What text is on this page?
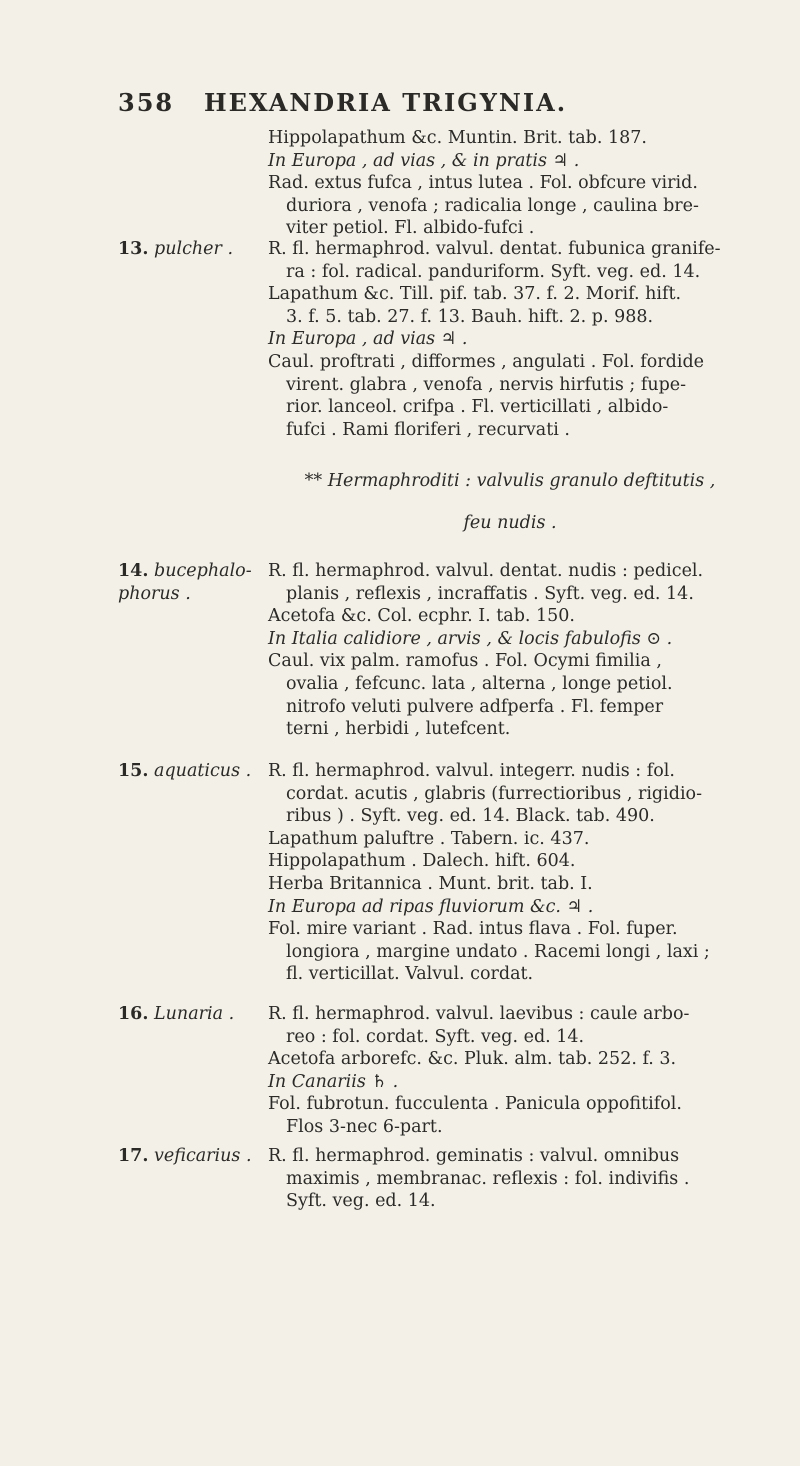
358 HEXANDRIA TRIGYNIA.
Hippolapathum &c. Muntin. Brit. tab. 187.
In Europa , ad vias , & in pratis ♃ .
Rad. extus fufca , intus lutea . Fol. obfcure virid.
duriora , venofa ; radicalia longe , caulina bre-
viter petiol. Fl. albido-fufci .
13. pulcher .	R. fl. hermaphrod. valvul. dentat. fubunica granife-
ra : fol. radical. panduriform. Syft. veg. ed. 14.
Lapathum &c. Till. pif. tab. 37. f. 2. Morif. hift.
3. f. 5. tab. 27. f. 13. Bauh. hift. 2. p. 988.
In Europa , ad vias ♃ .
Caul. proftrati , difformes , angulati . Fol. fordide
virent. glabra , venofa , nervis hirfutis ; fupe-
rior. lanceol. crifpa . Fl. verticillati , albido-
fufci . Rami floriferi , recurvati .
** Hermaphroditi : valvulis granulo deftitutis ,
feu nudis .
14. bucephalo-phorus .
R. fl. hermaphrod. valvul. dentat. nudis : pedicel.
planis , reflexis , incraffatis . Syft. veg. ed. 14.
Acetofa &c. Col. ecphr. I. tab. 150.
In Italia calidiore , arvis , & locis fabulofis ⊙ .
Caul. vix palm. ramofus . Fol. Ocymi fimilia ,
ovalia , fefcunc. lata , alterna , longe petiol.
nitrofo veluti pulvere adfperfa . Fl. femper
terni , herbidi , lutefcent.
15. aquaticus . R. fl. hermaphrod. valvul. integerr. nudis : fol.
cordat. acutis , glabris (furrectioribus , rigidio-
ribus ) . Syft. veg. ed. 14. Black. tab. 490.
Lapathum paluftre . Tabern. ic. 437.
Hippolapathum . Dalech. hift. 604.
Herba Britannica . Munt. brit. tab. I.
In Europa ad ripas fluviorum &c. ♃ .
Fol. mire variant . Rad. intus flava . Fol. fuper.
longiora , margine undato . Racemi longi , laxi ;
fl. verticillat. Valvul. cordat.
16. Lunaria .	R. fl. hermaphrod. valvul. laevibus : caule arbo-
reo : fol. cordat. Syft. veg. ed. 14.
Acetofa arborefc. &c. Pluk. alm. tab. 252. f. 3.
In Canariis ♄ .
Fol. fubrotun. fucculenta . Panicula oppofitifol.
Flos 3-nec 6-part.
17. veficarius . R. fl. hermaphrod. geminatis : valvul. omnibus
maximis , membranac. reflexis : fol. indivifis .
Syft. veg. ed. 14.
